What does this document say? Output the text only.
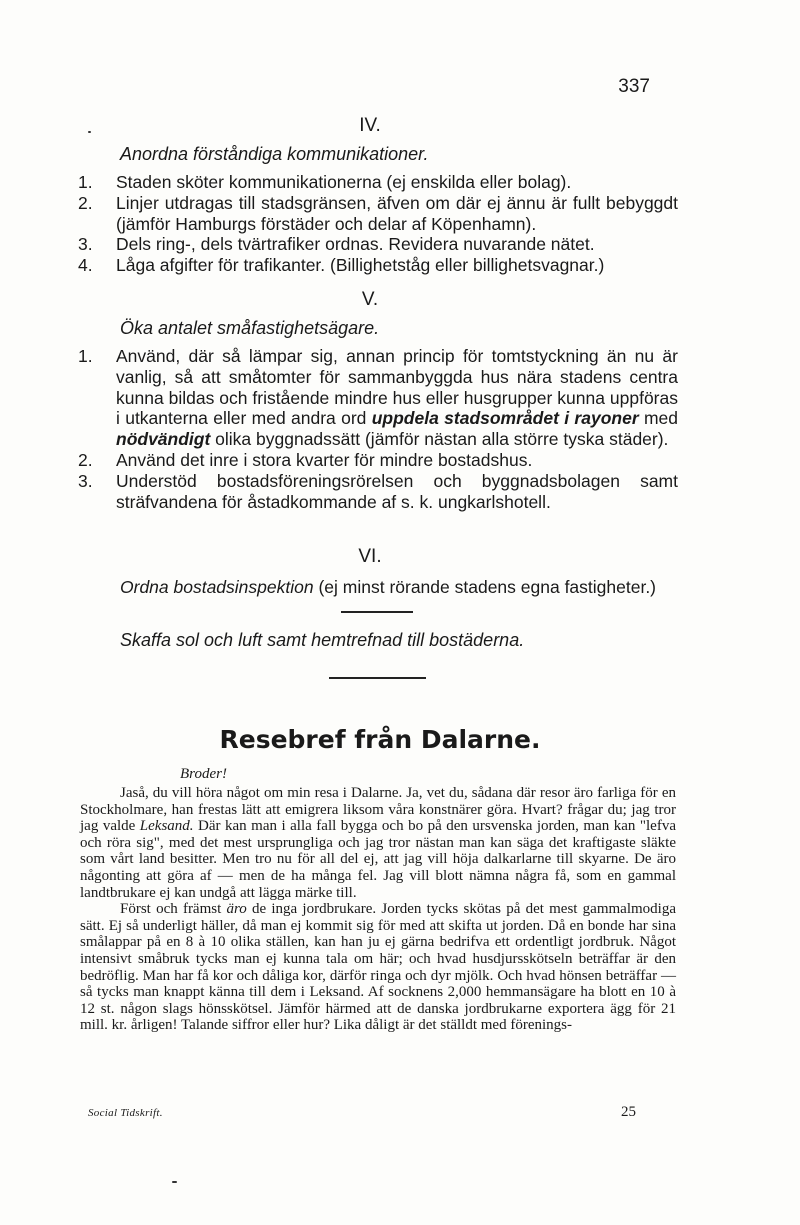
337
IV.
Anordna förståndiga kommunikationer.
1.	Staden sköter kommunikationerna (ej enskilda eller bolag).
2.	Linjer utdragas till stadsgränsen, äfven om där ej ännu är fullt bebyggdt (jämför Hamburgs förstäder och delar af Köpenhamn).
3.	Dels ring-, dels tvärtrafiker ordnas. Revidera nuvarande nätet.
4.	Låga afgifter för trafikanter. (Billighetståg eller billighetsvagnar.)
V.
Öka antalet småfastighetsägare.
1.	Använd, där så lämpar sig, annan princip för tomtstyckning än nu är vanlig, så att småtomter för sammanbyggda hus nära stadens centra kunna bildas och fristående mindre hus eller husgrupper kunna uppföras i utkanterna eller med andra ord uppdela stadsområdet i rayoner med nödvändigt olika byggnadssätt (jämför nästan alla större tyska städer).
2.	Använd det inre i stora kvarter för mindre bostadshus.
3.	Understöd bostadsföreningsrörelsen och byggnadsbolagen samt sträfvandena för åstadkommande af s. k. ungkarlshotell.
VI.
Ordna bostadsinspektion (ej minst rörande stadens egna fastigheter.)
Skaffa sol och luft samt hemtrefnad till bostäderna.
Resebref från Dalarne.
Broder!

Jaså, du vill höra något om min resa i Dalarne. Ja, vet du, sådana där resor äro farliga för en Stockholmare, han frestas lätt att emigrera liksom våra konstnärer göra. Hvart? frågar du; jag tror jag valde Leksand. Där kan man i alla fall bygga och bo på den ursvenska jorden, man kan "lefva och röra sig", med det mest ursprungliga och jag tror nästan man kan säga det kraftigaste släkte som vårt land besitter. Men tro nu för all del ej, att jag vill höja dalkarlarne till skyarne. De äro någonting att göra af — men de ha många fel. Jag vill blott nämna några få, som en gammal landtbrukare ej kan undgå att lägga märke till.

Först och främst äro de inga jordbrukare. Jorden tycks skötas på det mest gammalmodiga sätt. Ej så underligt häller, då man ej kommit sig för med att skifta ut jorden. Då en bonde har sina smålappar på en 8 à 10 olika ställen, kan han ju ej gärna bedrifva ett ordentligt jordbruk. Något intensivt småbruk tycks man ej kunna tala om här; och hvad husdjursskötseln beträffar är den bedröflig. Man har få kor och dåliga kor, därför ringa och dyr mjölk. Och hvad hönsen beträffar — så tycks man knappt känna till dem i Leksand. Af socknens 2,000 hemmansägare ha blott en 10 à 12 st. någon slags hönsskötsel. Jämför härmed att de danska jordbrukarne exportera ägg för 21 mill. kr. årligen! Talande siffror eller hur? Lika dåligt är det ställdt med förenings-

Social Tidskrift.	25
